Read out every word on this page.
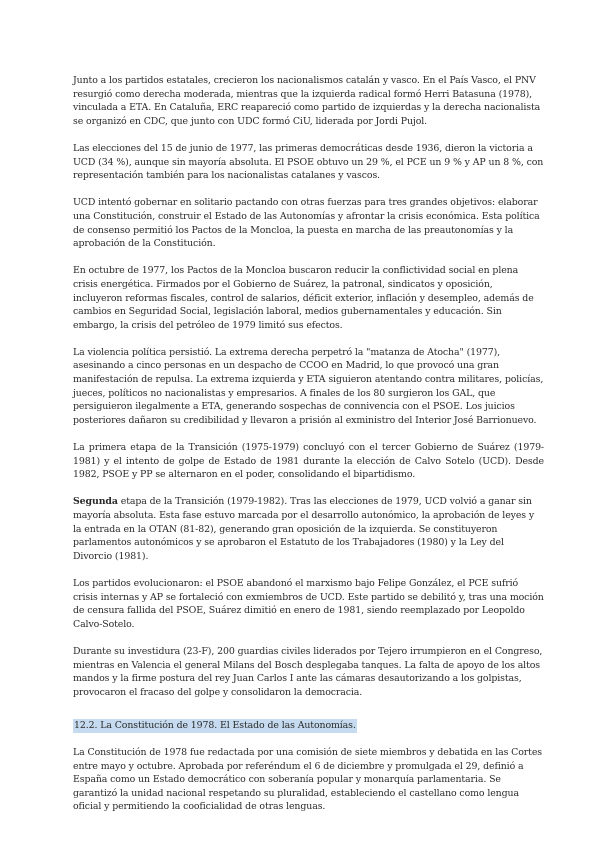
Junto a los partidos estatales, crecieron los nacionalismos catalán y vasco. En el País Vasco, el PNV resurgió como derecha moderada, mientras que la izquierda radical formó Herri Batasuna (1978), vinculada a ETA. En Cataluña, ERC reapareció como partido de izquierdas y la derecha nacionalista se organizó en CDC, que junto con UDC formó CiU, liderada por Jordi Pujol.

Las elecciones del 15 de junio de 1977, las primeras democráticas desde 1936, dieron la victoria a UCD (34 %), aunque sin mayoría absoluta. El PSOE obtuvo un 29 %, el PCE un 9 % y AP un 8 %, con representación también para los nacionalistas catalanes y vascos.

UCD intentó gobernar en solitario pactando con otras fuerzas para tres grandes objetivos: elaborar una Constitución, construir el Estado de las Autonomías y afrontar la crisis económica. Esta política de consenso permitió los Pactos de la Moncloa, la puesta en marcha de las preautonomías y la aprobación de la Constitución.

En octubre de 1977, los Pactos de la Moncloa buscaron reducir la conflictividad social en plena crisis energética. Firmados por el Gobierno de Suárez, la patronal, sindicatos y oposición, incluyeron reformas fiscales, control de salarios, déficit exterior, inflación y desempleo, además de cambios en Seguridad Social, legislación laboral, medios gubernamentales y educación. Sin embargo, la crisis del petróleo de 1979 limitó sus efectos.

La violencia política persistió. La extrema derecha perpetró la "matanza de Atocha" (1977), asesinando a cinco personas en un despacho de CCOO en Madrid, lo que provocó una gran manifestación de repulsa. La extrema izquierda y ETA siguieron atentando contra militares, policías, jueces, políticos no nacionalistas y empresarios. A finales de los 80 surgieron los GAL, que persiguieron ilegalmente a ETA, generando sospechas de connivencia con el PSOE. Los juicios posteriores dañaron su credibilidad y llevaron a prisión al exministro del Interior José Barrionuevo.

La primera etapa de la Transición (1975-1979) concluyó con el tercer Gobierno de Suárez (1979-1981) y el intento de golpe de Estado de 1981 durante la elección de Calvo Sotelo (UCD). Desde 1982, PSOE y PP se alternaron en el poder, consolidando el bipartidismo.

Segunda etapa de la Transición (1979-1982). Tras las elecciones de 1979, UCD volvió a ganar sin mayoría absoluta. Esta fase estuvo marcada por el desarrollo autonómico, la aprobación de leyes y la entrada en la OTAN (81-82), generando gran oposición de la izquierda. Se constituyeron parlamentos autonómicos y se aprobaron el Estatuto de los Trabajadores (1980) y la Ley del Divorcio (1981).

Los partidos evolucionaron: el PSOE abandonó el marxismo bajo Felipe González, el PCE sufrió crisis internas y AP se fortaleció con exmiembros de UCD. Este partido se debilitó y, tras una moción de censura fallida del PSOE, Suárez dimitió en enero de 1981, siendo reemplazado por Leopoldo Calvo-Sotelo.

Durante su investidura (23-F), 200 guardias civiles liderados por Tejero irrumpieron en el Congreso, mientras en Valencia el general Milans del Bosch desplegaba tanques. La falta de apoyo de los altos mandos y la firme postura del rey Juan Carlos I ante las cámaras desautorizando a los golpistas, provocaron el fracaso del golpe y consolidaron la democracia.

12.2. La Constitución de 1978. El Estado de las Autonomías.

La Constitución de 1978 fue redactada por una comisión de siete miembros y debatida en las Cortes entre mayo y octubre. Aprobada por referéndum el 6 de diciembre y promulgada el 29, definió a España como un Estado democrático con soberanía popular y monarquía parlamentaria. Se garantizó la unidad nacional respetando su pluralidad, estableciendo el castellano como lengua oficial y permitiendo la cooficialidad de otras lenguas.
